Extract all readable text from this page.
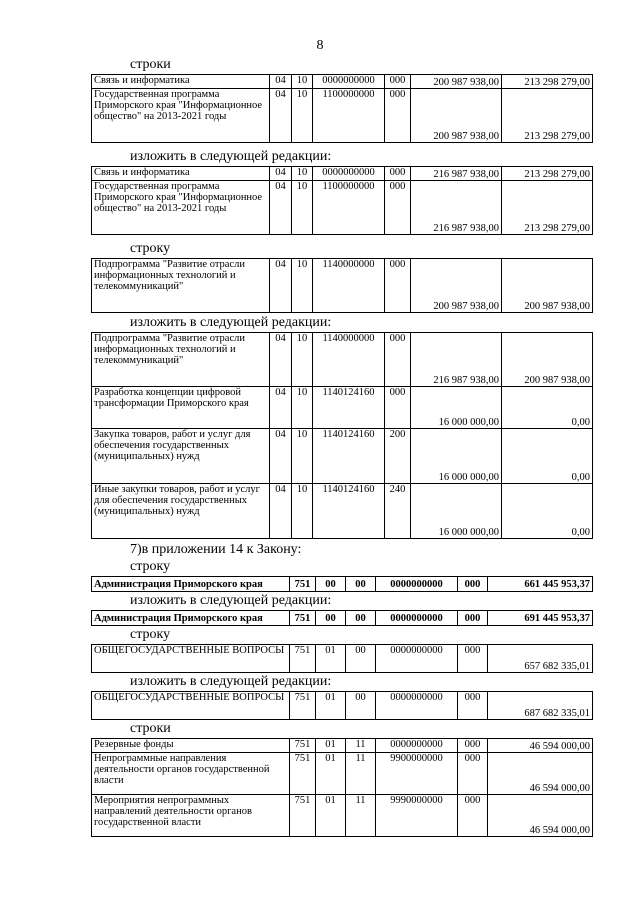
8
строки
Связь и информатика	04	10	0000000000	000	200 987 938,00	213 298 279,00
Государственная программа Приморского края "Информационное общество" на 2013-2021 годы	04	10	1100000000	000	200 987 938,00	213 298 279,00
изложить в следующей редакции:
Связь и информатика	04	10	0000000000	000	216 987 938,00	213 298 279,00
Государственная программа Приморского края "Информационное общество" на 2013-2021 годы	04	10	1100000000	000	216 987 938,00	213 298 279,00
строку
Подпрограмма "Развитие отрасли информационных технологий и телекоммуникаций"	04	10	1140000000	000	200 987 938,00	200 987 938,00
изложить в следующей редакции:
Подпрограмма "Развитие отрасли информационных технологий и телекоммуникаций"	04	10	1140000000	000	216 987 938,00	200 987 938,00
Разработка концепции цифровой трансформации Приморского края	04	10	1140124160	000	16 000 000,00	0,00
Закупка товаров, работ и услуг для обеспечения государственных (муниципальных) нужд	04	10	1140124160	200	16 000 000,00	0,00
Иные закупки товаров, работ и услуг для обеспечения государственных (муниципальных) нужд	04	10	1140124160	240	16 000 000,00	0,00
7)в приложении 14 к Закону:
строку
Администрация Приморского края	751	00	00	0000000000	000	661 445 953,37
изложить в следующей редакции:
Администрация Приморского края	751	00	00	0000000000	000	691 445 953,37
строку
ОБЩЕГОСУДАРСТВЕННЫЕ ВОПРОСЫ	751	01	00	0000000000	000	657 682 335,01
изложить в следующей редакции:
ОБЩЕГОСУДАРСТВЕННЫЕ ВОПРОСЫ	751	01	00	0000000000	000	687 682 335,01
строки
Резервные фонды	751	01	11	0000000000	000	46 594 000,00
Непрограммные направления деятельности органов государственной власти	751	01	11	9900000000	000	46 594 000,00
Мероприятия непрограммных направлений деятельности органов государственной власти	751	01	11	9990000000	000	46 594 000,00
